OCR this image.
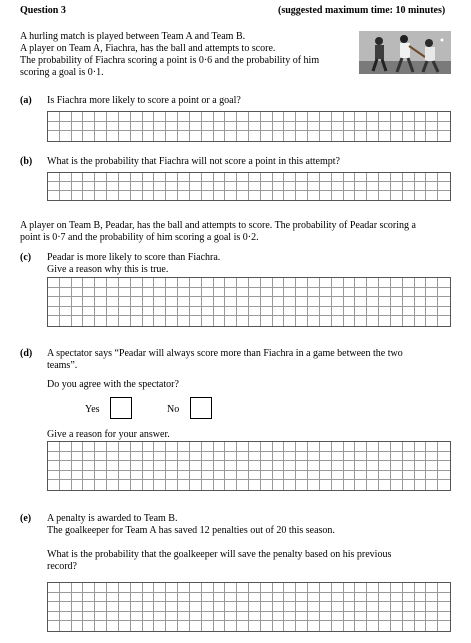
Question 3	(suggested maximum time: 10 minutes)
A hurling match is played between Team A and Team B.
A player on Team A, Fiachra, has the ball and attempts to score.
The probability of Fiachra scoring a point is 0·6 and the probability of him
scoring a goal is 0·1.
(a) Is Fiachra more likely to score a point or a goal?
(b) What is the probability that Fiachra will not score a point in this attempt?
A player on Team B, Peadar, has the ball and attempts to score. The probability of Peadar scoring a
point is 0·7 and the probability of him scoring a goal is 0·2.
(c) Peadar is more likely to score than Fiachra.
Give a reason why this is true.
(d) A spectator says “Peadar will always score more than Fiachra in a game between the two
teams”.
Do you agree with the spectator?
Yes	No
Give a reason for your answer.
(e) A penalty is awarded to Team B.
The goalkeeper for Team A has saved 12 penalties out of 20 this season.
What is the probability that the goalkeeper will save the penalty based on his previous
record?
